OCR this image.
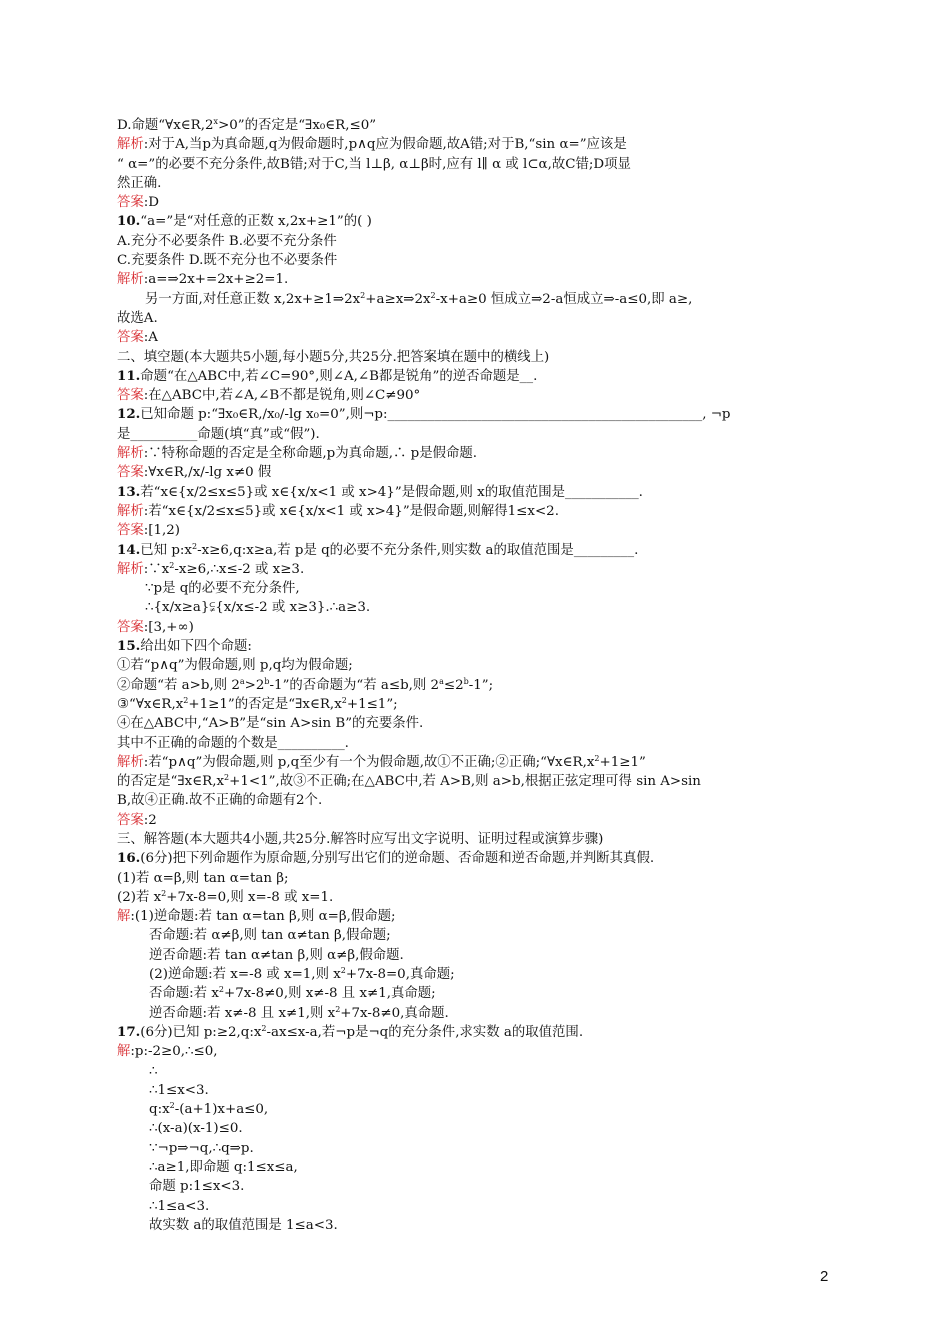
D.命题“$\forall x\in R,2^x>0$”的否定是“∃x₀∈R,≤0”
解析:对于A,当p为真命题,q为假命题时,p∧q应为假命题,故A错;对于B,“sin α=”应该是
“ α=”的必要不充分条件,故B错;对于C,当 l⊥β, α⊥β时,应有 l∥ α 或 l⊂α,故C错;D项显
然正确.
答案:D
10.“a=”是“对任意的正数 x,2x+≥1”的( )
A.充分不必要条件 B.必要不充分条件
C.充要条件 D.既不充分也不必要条件
解析:a=⇒2x+=2x+≥2=1.
另一方面,对任意正数 $x,2x+\ge 1\Rightarrow 2x^2+a\ge x\Rightarrow 2x^2-x+a\ge 0$ 恒成立⇒2-a恒成立⇒-a≤0,即 a≥,
故选A.
答案:A
二、填空题(本大题共5小题,每小题5分,共25分.把答案填在题中的横线上)
11.命题“在△ABC中,若∠C=90°,则∠A,∠B都是锐角”的逆否命题是__.
答案:在△ABC中,若∠A,∠B不都是锐角,则∠C≠90°
12.已知命题 p:“∃x₀∈R,/x₀/-lg x₀=0”,则¬p:_______________________________________________, ¬p
是__________命题(填“真”或“假”).
解析:∵特称命题的否定是全称命题,p为真命题,∴ p是假命题.
答案:∀x∈R,/x/-lg x≠0 假
13.若“x∈{x/2≤x≤5}或 x∈{x/x<1 或 x>4}”是假命题,则 x的取值范围是___________.
解析:若“x∈{x/2≤x≤5}或 x∈{x/x<1 或 x>4}”是假命题,则解得1≤x<2.
答案:[1,2)
14.已知 $p:x^2-x\ge 6,q:x\ge a$,若 p是 q的必要不充分条件,则实数 a的取值范围是_________.
解析$:\because x^2-x\ge 6,\therefore x\le-2$ 或 x≥3.
∵p是 q的必要不充分条件,
∴{x/x≥a}⫋{x/x≤-2 或 x≥3}.∴a≥3.
答案:[3,+∞)
15.给出如下四个命题:
①若“p∧q”为假命题,则 p,q均为假命题;
②命题“若 a>b,则 $2^a>2^b-1$”的否命题为“若 a≤b,则 $2^a\le 2^b-1$”;
$③“\forall x\in R,x^2+1\ge 1$”的否定是“$\exists x\in R,x^2+1\le 1$”;
④在△ABC中,“A>B”是“sin A>sin B”的充要条件.
其中不正确的命题的个数是__________.
解析:若“p∧q”为假命题,则 p,q至少有一个为假命题,故①不正确;②正确$;“\forall x\in R,x^2+1\ge 1$”
的否定是“$\exists x\in R,x^2+1<1$”,故③不正确;在△ABC中,若 A>B,则 a>b,根据正弦定理可得 sin A>sin
B,故④正确.故不正确的命题有2个.
答案:2
三、解答题(本大题共4小题,共25分.解答时应写出文字说明、证明过程或演算步骤)
16.(6分)把下列命题作为原命题,分别写出它们的逆命题、否命题和逆否命题,并判断其真假.
(1)若 α=β,则 tan α=tan β;
(2)若 $x^2+7x-8=0$,则 x=-8 或 x=1.
解:(1)逆命题:若 tan α=tan β,则 α=β,假命题;
否命题:若 α≠β,则 tan α≠tan β,假命题;
逆否命题:若 tan α≠tan β,则 α≠β,假命题.
(2)逆命题:若 x=-8 或 x=1,则 $x^2+7x-8=0$,真命题;
否命题:若 $x^2+7x-8\ne 0$,则 x≠-8 且 x≠1,真命题;
逆否命题:若 x≠-8 且 x≠1,则 $x^2+7x-8\ne 0$,真命题.
17.(6分)已知 $p:\ge 2,q:x^2-ax\le x-a$,若¬p是¬q的充分条件,求实数 a的取值范围.
解:p:-2≥0,∴≤0,
∴
∴1≤x<3.
$q:x^2-(a+1)x+a\le 0$,
∴(x-a)(x-1)≤0.
∵¬p⇒¬q,∴q⇒p.
∴a≥1,即命题 q:1≤x≤a,
命题 p:1≤x<3.
∴1≤a<3.
故实数 a的取值范围是 1≤a<3.
2
